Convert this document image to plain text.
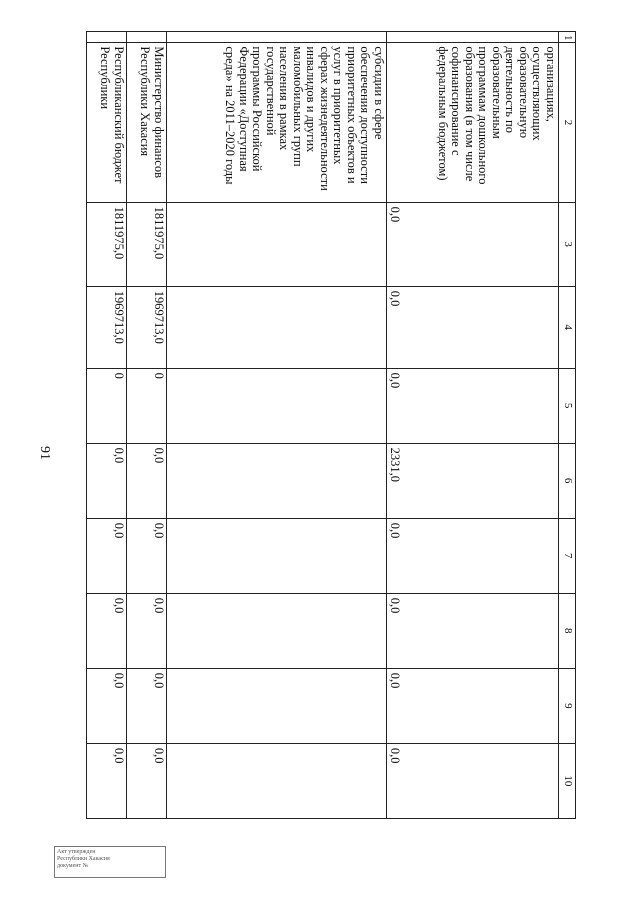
91
1	2	3	4	5	6	7	8	9	10
	организациях, осуществляющих образовательную деятельность по образовательным программам дошкольного образования (в том числе софинансирование с федеральным бюджетом)	0,0	0,0	0,0	2331,0	0,0	0,0	0,0	0,0
	субсидии в сфере обеспечения доступности приоритетных объектов и услуг в приоритетных сферах жизнедеятельности инвалидов и других маломобильных групп населения в рамках государственной программы Российской Федерации «Доступная среда» на 2011–2020 годы								
	Министерство финансов Республики Хакасия	1811975,0	1969713,0	0	0,0	0,0	0,0	0,0	0,0
	Республиканский бюджет Республики	1811975,0	1969713,0	0	0,0	0,0	0,0	0,0	0,0
Акт утвержден
Республики Хакасия
документ №
